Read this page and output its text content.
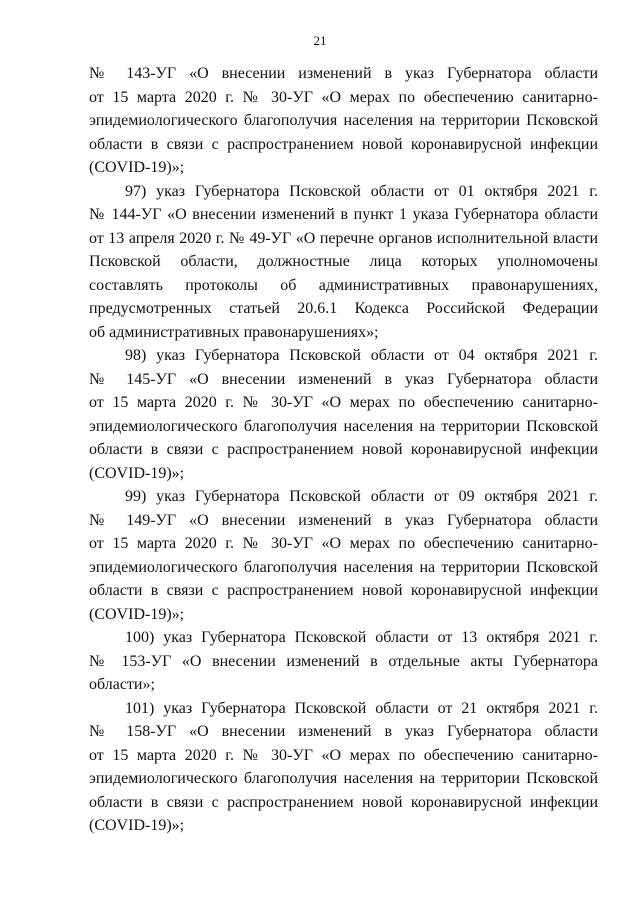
21
№ 143-УГ «О внесении изменений в указ Губернатора области
от 15 марта 2020 г. № 30-УГ «О мерах по обеспечению санитарно-
эпидемиологического благополучия населения на территории Псковской
области в связи с распространением новой коронавирусной инфекции
(COVID-19)»;
97) указ Губернатора Псковской области от 01 октября 2021 г.
№ 144-УГ «О внесении изменений в пункт 1 указа Губернатора области
от 13 апреля 2020 г. № 49-УГ «О перечне органов исполнительной власти
Псковской области, должностные лица которых уполномочены
составлять протоколы об административных правонарушениях,
предусмотренных статьей 20.6.1 Кодекса Российской Федерации
об административных правонарушениях»;
98) указ Губернатора Псковской области от 04 октября 2021 г.
№ 145-УГ «О внесении изменений в указ Губернатора области
от 15 марта 2020 г. № 30-УГ «О мерах по обеспечению санитарно-
эпидемиологического благополучия населения на территории Псковской
области в связи с распространением новой коронавирусной инфекции
(COVID-19)»;
99) указ Губернатора Псковской области от 09 октября 2021 г.
№ 149-УГ «О внесении изменений в указ Губернатора области
от 15 марта 2020 г. № 30-УГ «О мерах по обеспечению санитарно-
эпидемиологического благополучия населения на территории Псковской
области в связи с распространением новой коронавирусной инфекции
(COVID-19)»;
100) указ Губернатора Псковской области от 13 октября 2021 г.
№ 153-УГ «О внесении изменений в отдельные акты Губернатора
области»;
101) указ Губернатора Псковской области от 21 октября 2021 г.
№ 158-УГ «О внесении изменений в указ Губернатора области
от 15 марта 2020 г. № 30-УГ «О мерах по обеспечению санитарно-
эпидемиологического благополучия населения на территории Псковской
области в связи с распространением новой коронавирусной инфекции
(COVID-19)»;
